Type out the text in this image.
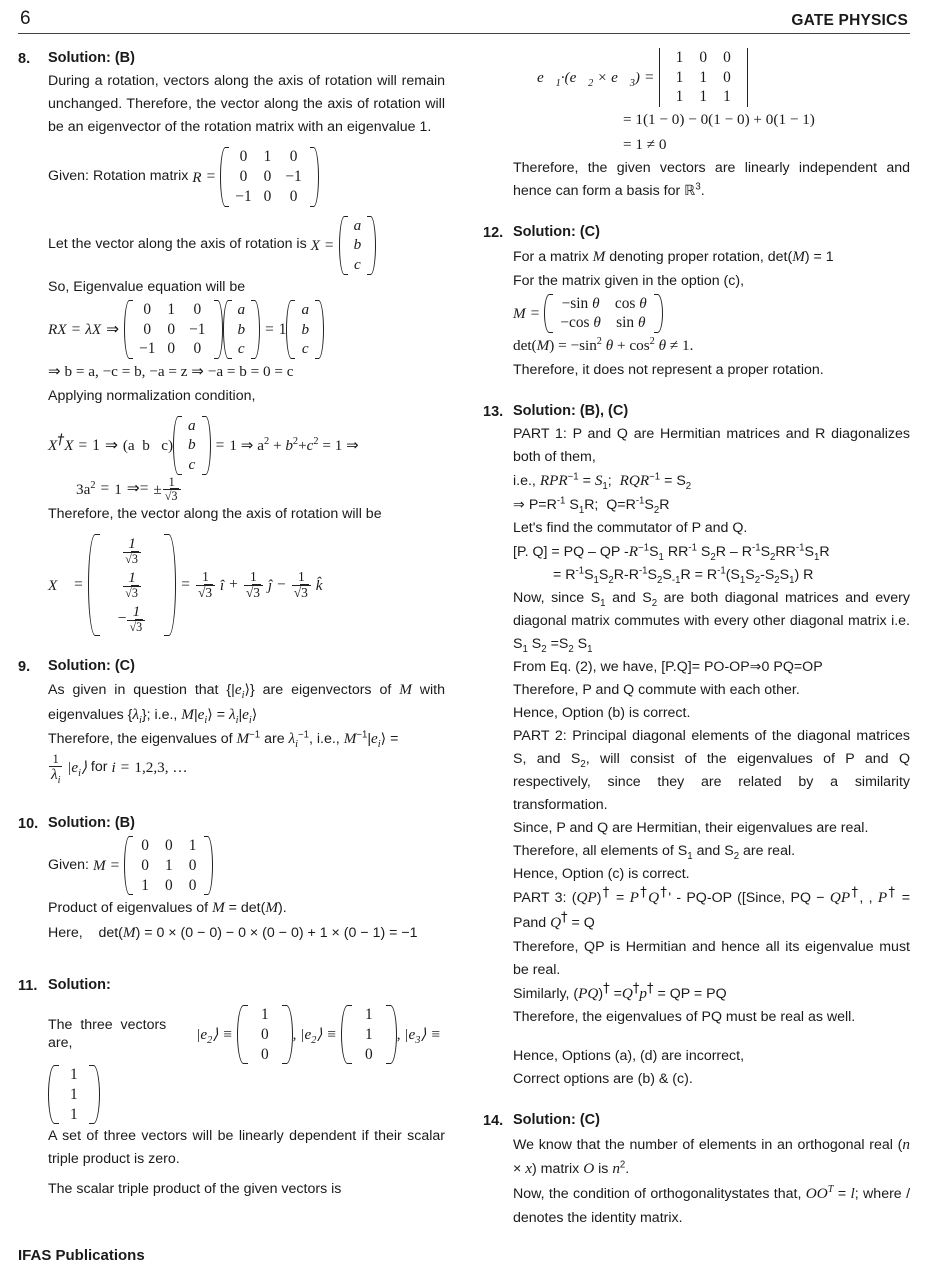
6	GATE PHYSICS
8.	Solution: (B)
During a rotation, vectors along the axis of rotation will remain unchanged. Therefore, the vector along the axis of rotation will be an eigenvector of the rotation matrix with an eigenvalue 1.
Given: Rotation matrix R =
0	1	0
0	0	−1
−1	0	0
Let the vector along the axis of rotation is X =
a
b
c
So, Eigenvalue equation will be
RX = λX ⇒
0	1	0
0	0	−1
−1	0	0
a
b
c
= 1
a
b
c
⇒ b = a, −c = b, −a = z ⇒ −a = b = 0 = c
Applying normalization condition,
X†X = 1 ⇒ (a  b   c)
a
b
c
= 1 ⇒ $a^2 + b^2+c^2 = 1$ ⇒
$3a^2 = 1$ ⇒= ± $\frac{1}{√3}$
Therefore, the vector along the axis of rotation will be
X⃗ =
$\frac{1}{√3}$

$\frac{1}{√3}$

− $\frac{1}{√3}$
= $\frac{1}{√3}$ î + $\frac{1}{√3}$ ĵ − $\frac{1}{√3}$ k̂
9.	Solution: (C)
As given in question that $\{|e_i⟩\}$ are eigenvectors of M with eigenvalues $\{\lambda_i\}$; i.e., $M|e_i⟩$ = $\lambda_i|e_i⟩$
Therefore, the eigenvalues of $M^{-1}$ are $\lambda_i^{-1}$, i.e., $M^{-1}|e_i⟩$ =
$\frac{1}{\lambda_i}$ $|e_i⟩$ for i = 1,2,3, …
10. Solution: (B)
Given: M =
0	0	1
0	1	0
1	0	0
Product of eigenvalues of M = det(M).
Here,    det(M) = 0 × (0 − 0) − 0 × (0 − 0) + 1 × (0 − 1) = −1
11. Solution:
The  three  vectors  are,	$|e_2⟩$ ≡
1
0
0
, $|e_2⟩$ ≡
1
1
0
, $|e_3⟩$ ≡
1
1
1
A set of three vectors will be linearly dependent if their scalar triple product is zero.
The scalar triple product of the given vectors is
$e⃗_1\cdot(e⃗_2$ × $e⃗_3$) =
1	0	0
1	1	0
1	1	1
= 1(1 − 0) − 0(1 − 0) + 0(1 − 1)
= 1 ≠ 0
Therefore, the given vectors are linearly independent and hence can form a basis for ℝ$^3$.
12. Solution: (C)
For a matrix M denoting proper rotation, det(M) = 1
For the matrix given in the option (c),
M =
−sin θ	cos θ
−cos θ	sin θ
$\det(M) = -\sin^2$ $\theta + \cos^2 \theta \ne 1$.
Therefore, it does not represent a proper rotation.
13. Solution: (B), (C)
PART 1: P and Q are Hermitian matrices and R diagonalizes both of them,
i.e., $RPR^{-1} = S_1$;  $RQR^{-1} = S_2$
⇒ $P=R^{-1}$ $S_1R$;  $Q=R^{-1}S_2R$
Let's find the commutator of P and Q.
[P. Q] = PQ – QP $-R^{-1}S_1$ $RR^{-1}$ $S_2R - R^{-1}S_2RR^{-1}S_1R$
= $R^{-1}S_1S_2R-R^{-1}S_2S_{-1}R = R^{-1}(S_1S_2-S_2S_1)$ R
Now, since $S_1$ and $S_2$ are both diagonal matrices and every diagonal matrix commutes with every other diagonal matrix i.e. $S_1$ $S_2 =S_2$ $S_1$
From Eq. (2), we have, [P.Q]= PO-OP⇒0 PQ=OP
Therefore, P and Q commute with each other.
Hence, Option (b) is correct.
PART 2: Principal diagonal elements of the diagonal matrices S, and $S_2$, will consist of the eigenvalues of P and Q respectively, since they are related by a similarity transformation.
Since, P and Q are Hermitian, their eigenvalues are real.
Therefore, all elements of $S_1$ and $S_2$ are real.
Hence, Option (c) is correct.
PART 3: (QP)† = P†Q†' - PQ-OP ([Since, PQ − QP†, , P† = Pand Q† = Q
Therefore, QP is Hermitian and hence all its eigenvalue must be real.
Similarly, (PQ)† =Q†p† = QP = PQ
Therefore, the eigenvalues of PQ must be real as well.
Hence, Options (a), (d) are incorrect,
Correct options are (b) & (c).
14. Solution: (C)
We know that the number of elements in an orthogonal real (n × x) matrix O is $n^2$.
Now, the condition of orthogonalitystates that, $OO^T = l$; where / denotes the identity matrix.
IFAS Publications
